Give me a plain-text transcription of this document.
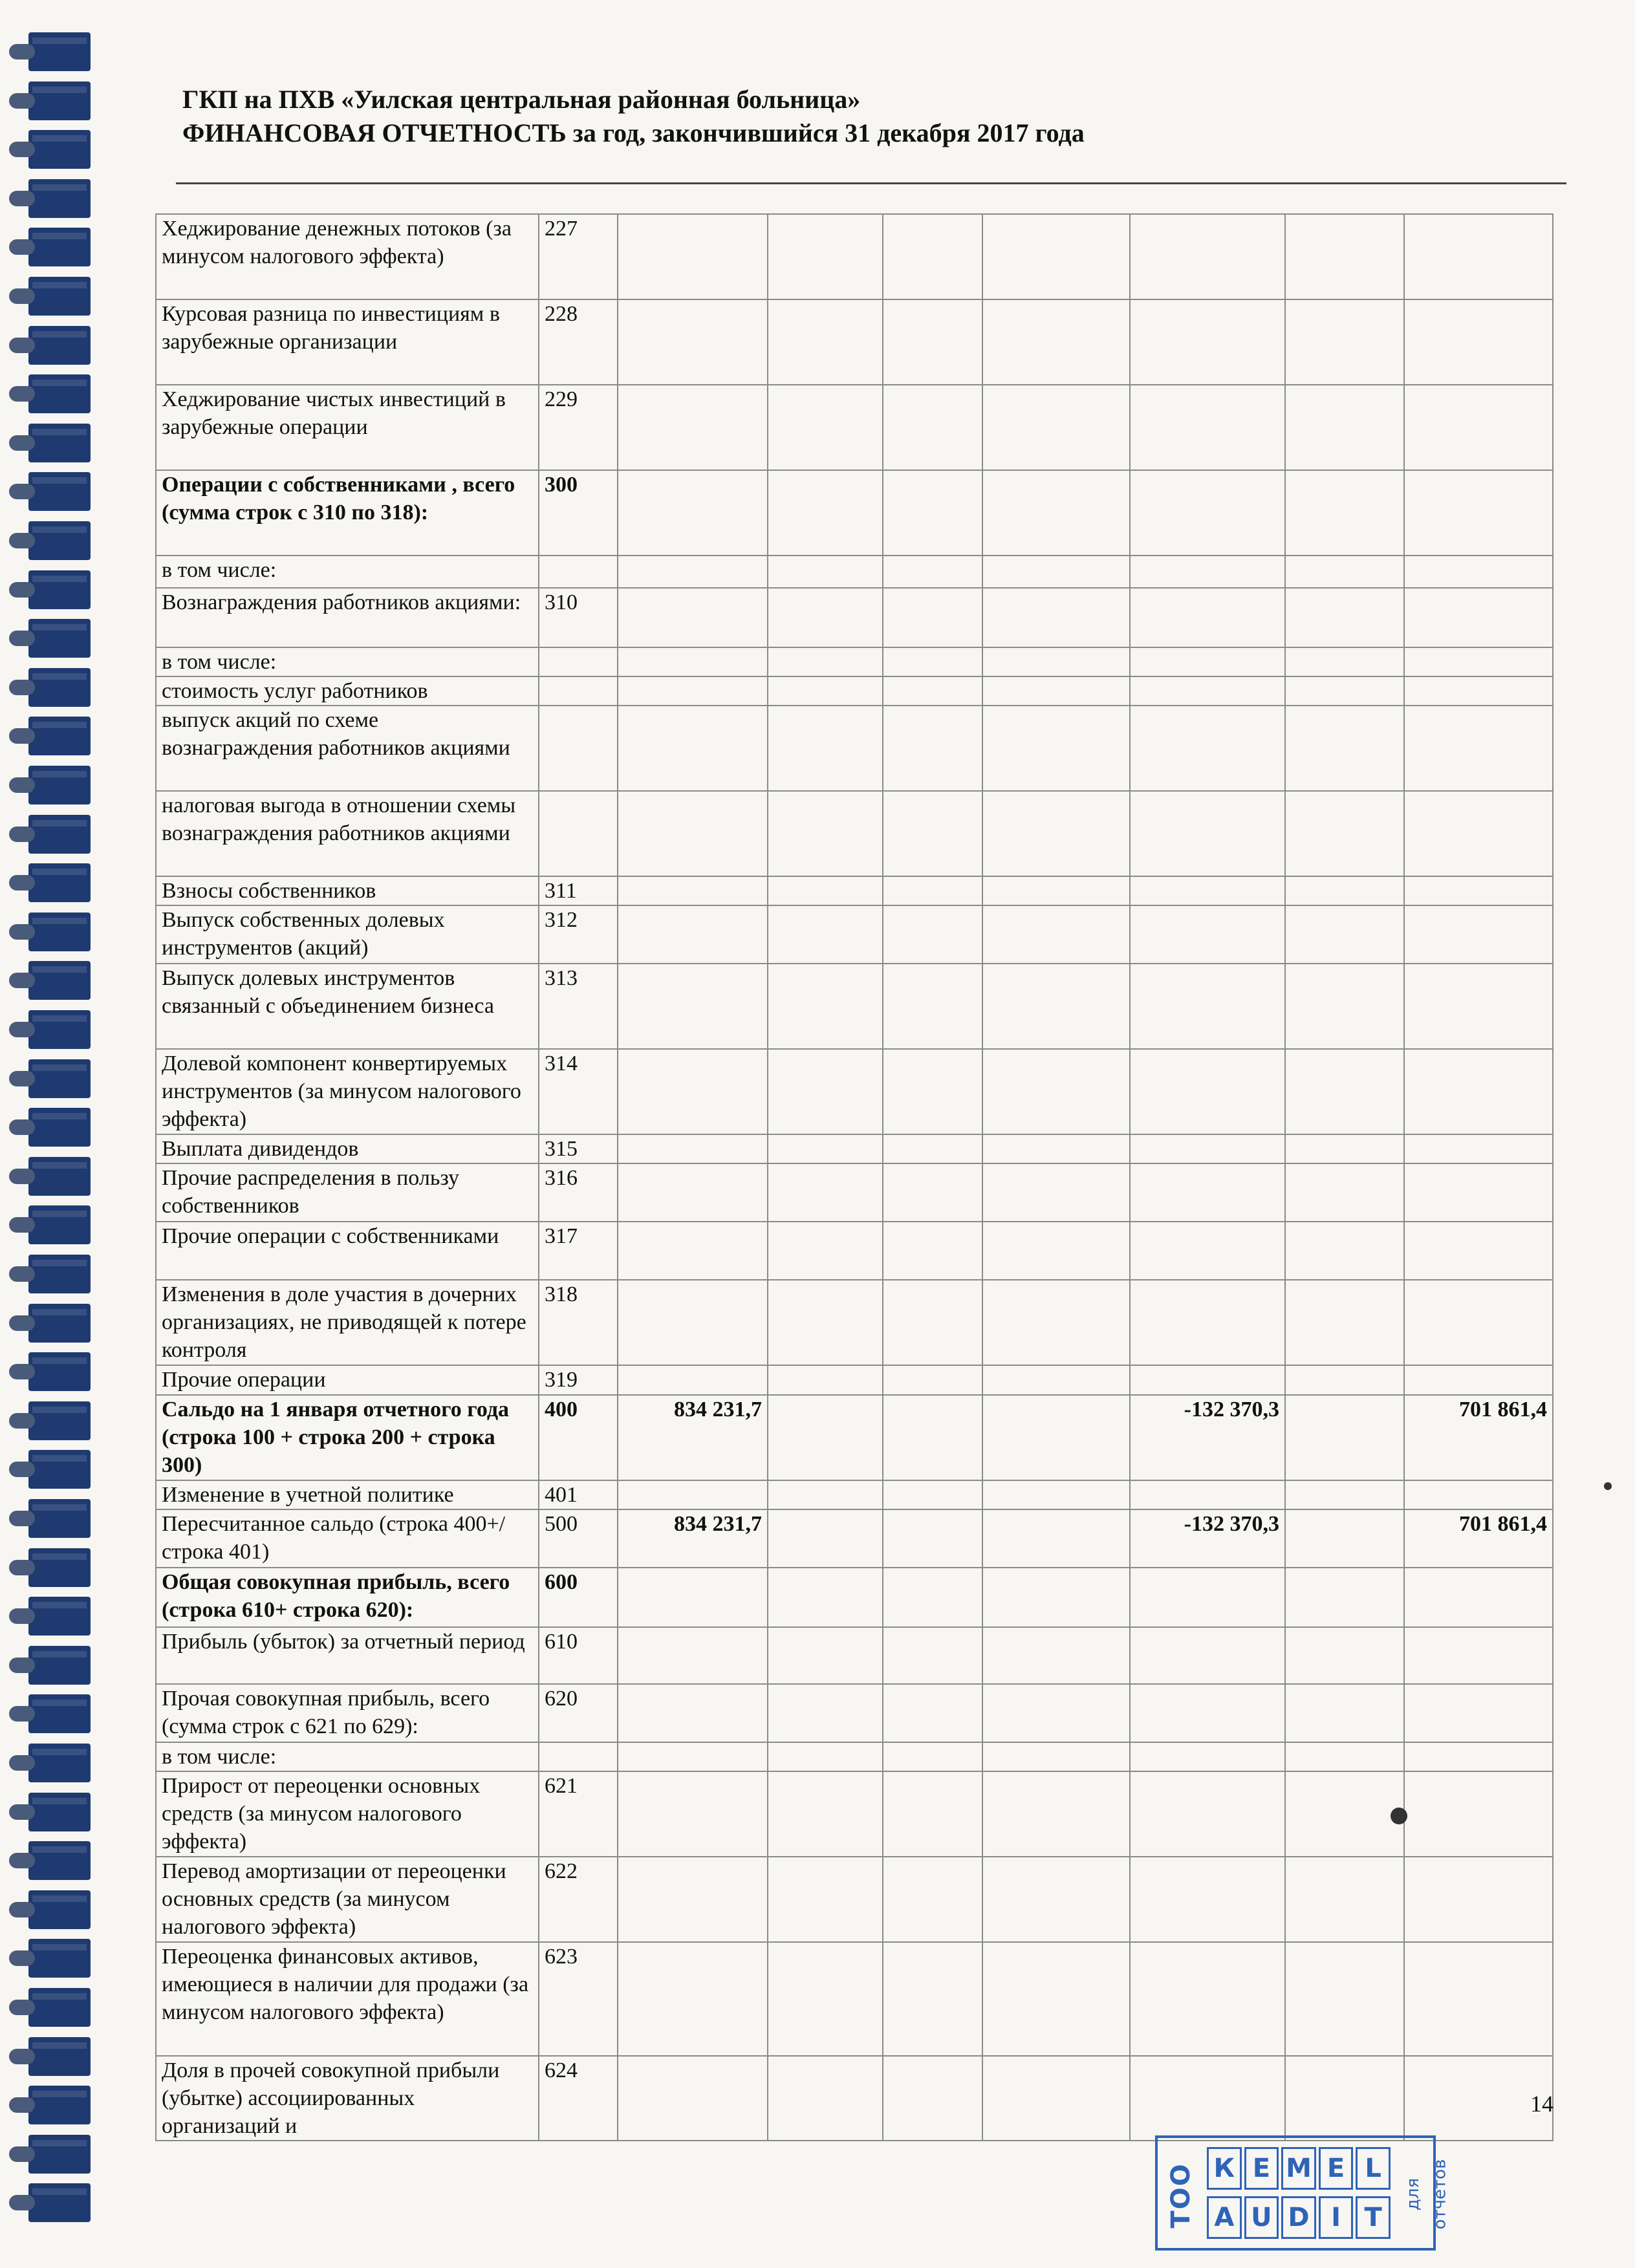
ГКП на ПХВ «Уилская центральная районная больница»
ФИНАНСОВАЯ ОТЧЕТНОСТЬ за год, закончившийся 31 декабря 2017 года
Хеджирование денежных потоков (за минусом налогового эффекта)	227							
Курсовая разница по инвестициям в зарубежные организации	228							
Хеджирование чистых инвестиций в зарубежные операции	229							
Операции с собственниками , всего (сумма строк с 310 по 318):	300							
в том числе:								
Вознаграждения работников акциями:	310							
в том числе:								
стоимость услуг работников								
выпуск акций по схеме вознаграждения работников акциями								
налоговая выгода в отношении схемы вознаграждения работников акциями								
Взносы собственников	311							
Выпуск собственных долевых инструментов (акций)	312							
Выпуск долевых инструментов связанный с объединением бизнеса	313							
Долевой компонент конвертируемых инструментов (за минусом налогового эффекта)	314							
Выплата дивидендов	315							
Прочие распределения в пользу собственников	316							
Прочие операции с собственниками	317							
Изменения в доле участия в дочерних организациях, не приводящей к потере контроля	318							
Прочие операции	319							
Сальдо на 1 января отчетного года (строка 100 + строка 200 + строка 300)	400	834 231,7				-132 370,3		701 861,4
Изменение в учетной политике	401							
Пересчитанное сальдо (строка 400+/строка 401)	500	834 231,7				-132 370,3		701 861,4
Общая совокупная прибыль, всего (строка 610+ строка 620):	600							
Прибыль (убыток) за отчетный период	610							
Прочая совокупная прибыль, всего (сумма строк с 621 по 629):	620							
в том числе:								
Прирост от переоценки основных средств (за минусом налогового эффекта)	621							
Перевод амортизации от переоценки основных средств (за минусом налогового эффекта)	622							
Переоценка финансовых активов, имеющиеся в наличии для продажи (за минусом налогового эффекта)	623							
Доля в прочей совокупной прибыли (убытке) ассоциированных организаций и	624							
14
ТОО К Е М Е L
А U D I T
для отчетов
